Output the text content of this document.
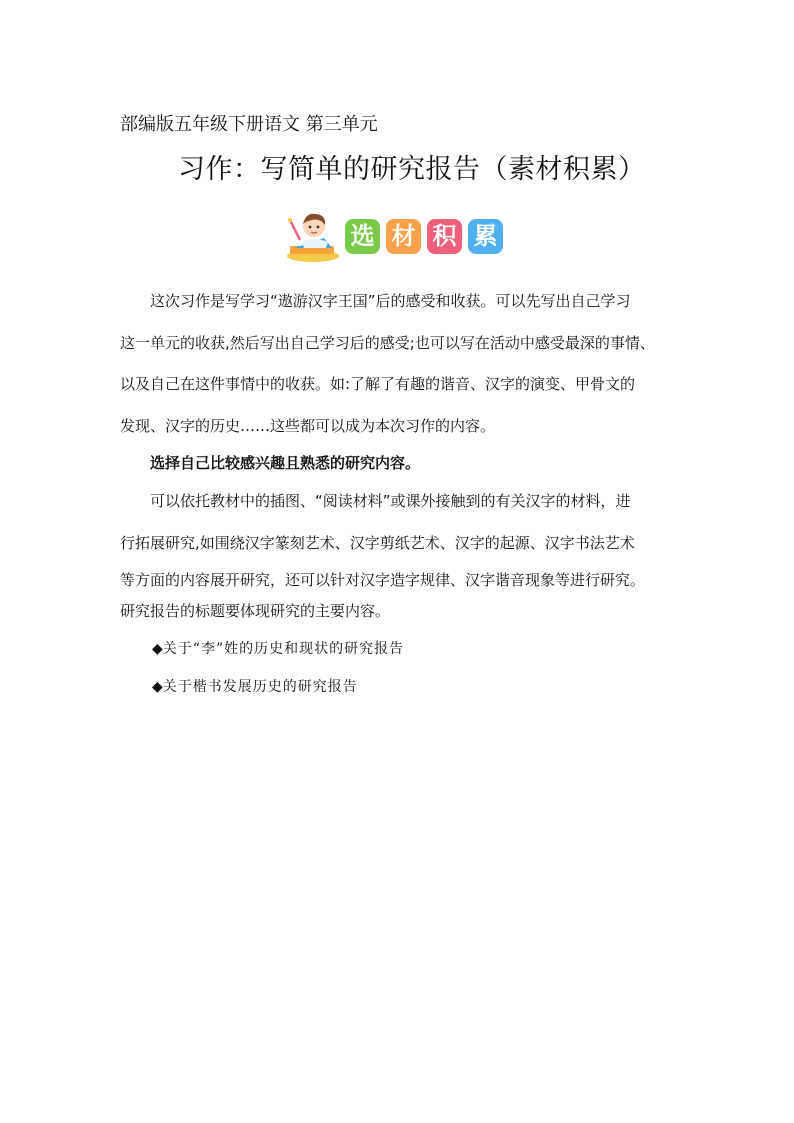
部编版五年级下册语文 第三单元
习作：写简单的研究报告（素材积累）
选 材 积 累
这次习作是写学习“遨游汉字王国”后的感受和收获。可以先写出自己学习
这一单元的收获,然后写出自己学习后的感受;也可以写在活动中感受最深的事情、
以及自己在这件事情中的收获。如:了解了有趣的谐音、汉字的演变、甲骨文的
发现、汉字的历史……这些都可以成为本次习作的内容。
选择自己比较感兴趣且熟悉的研究内容。
可以依托教材中的插图、“阅读材料”或课外接触到的有关汉字的材料，进
行拓展研究,如围绕汉字篆刻艺术、汉字剪纸艺术、汉字的起源、汉字书法艺术
等方面的内容展开研究，还可以针对汉字造字规律、汉字谐音现象等进行研究。
研究报告的标题要体现研究的主要内容。
◆关于“李”姓的历史和现状的研究报告
◆关于楷书发展历史的研究报告
